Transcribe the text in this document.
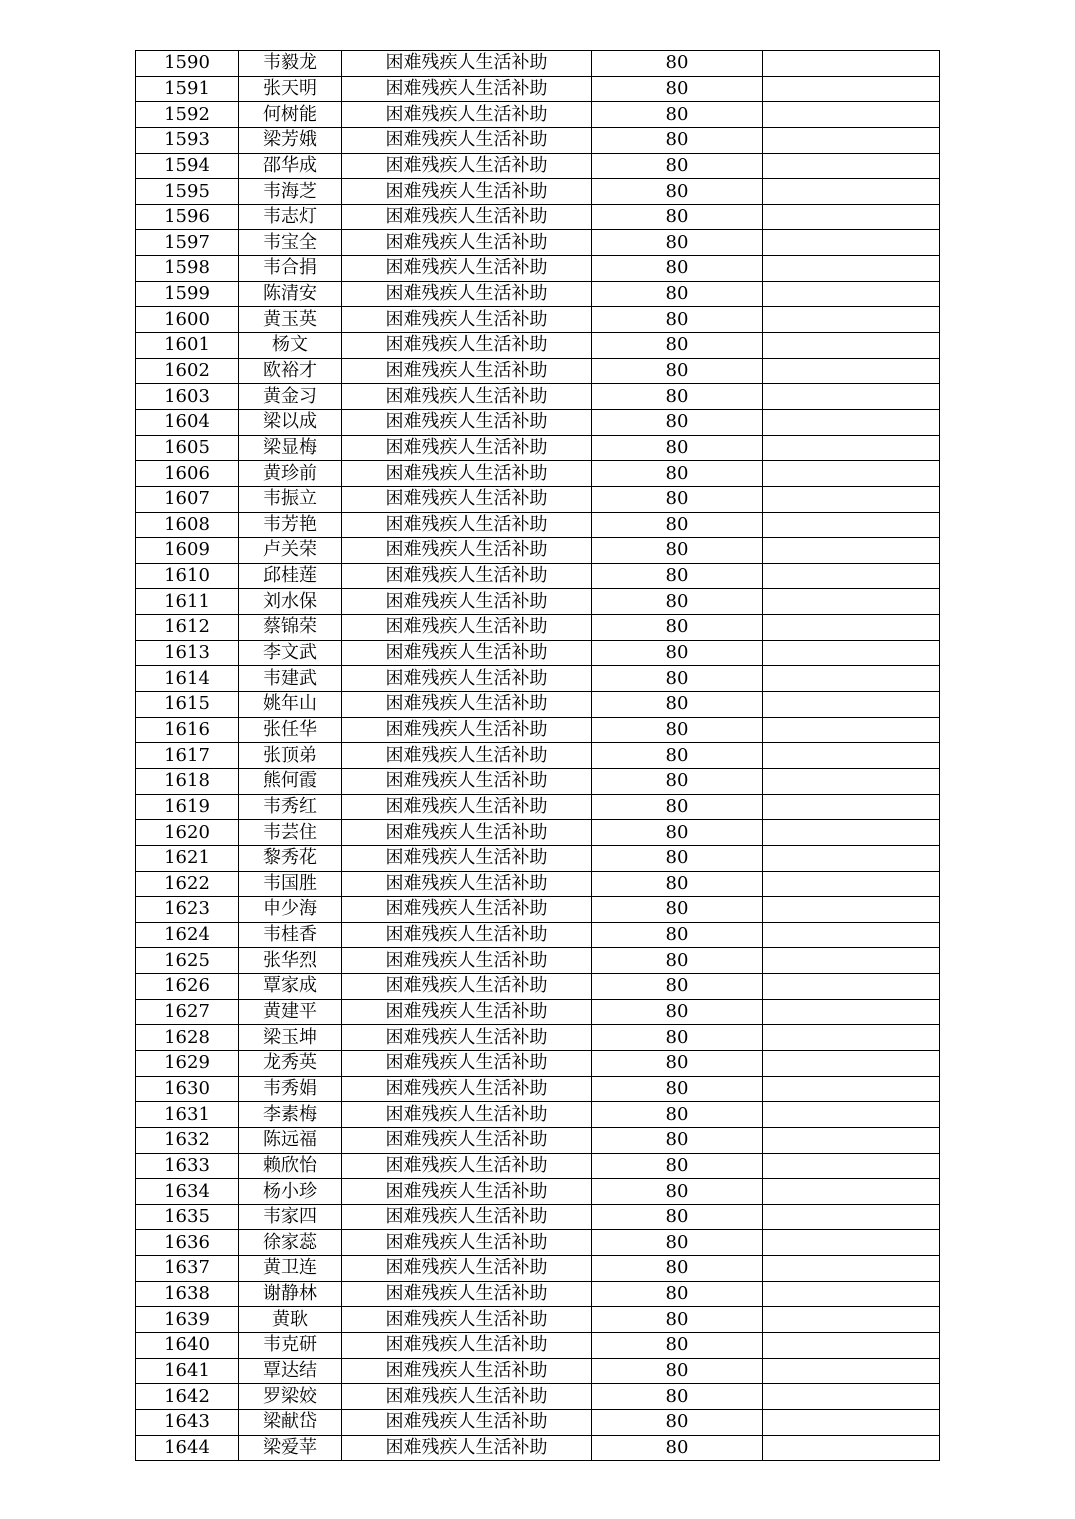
1590	韦毅龙	困难残疾人生活补助	80	
1591	张天明	困难残疾人生活补助	80	
1592	何树能	困难残疾人生活补助	80	
1593	梁芳娥	困难残疾人生活补助	80	
1594	邵华成	困难残疾人生活补助	80	
1595	韦海芝	困难残疾人生活补助	80	
1596	韦志灯	困难残疾人生活补助	80	
1597	韦宝全	困难残疾人生活补助	80	
1598	韦合捐	困难残疾人生活补助	80	
1599	陈清安	困难残疾人生活补助	80	
1600	黄玉英	困难残疾人生活补助	80	
1601	杨文	困难残疾人生活补助	80	
1602	欧裕才	困难残疾人生活补助	80	
1603	黄金习	困难残疾人生活补助	80	
1604	梁以成	困难残疾人生活补助	80	
1605	梁显梅	困难残疾人生活补助	80	
1606	黄珍前	困难残疾人生活补助	80	
1607	韦振立	困难残疾人生活补助	80	
1608	韦芳艳	困难残疾人生活补助	80	
1609	卢关荣	困难残疾人生活补助	80	
1610	邱桂莲	困难残疾人生活补助	80	
1611	刘水保	困难残疾人生活补助	80	
1612	蔡锦荣	困难残疾人生活补助	80	
1613	李文武	困难残疾人生活补助	80	
1614	韦建武	困难残疾人生活补助	80	
1615	姚年山	困难残疾人生活补助	80	
1616	张任华	困难残疾人生活补助	80	
1617	张顶弟	困难残疾人生活补助	80	
1618	熊何霞	困难残疾人生活补助	80	
1619	韦秀红	困难残疾人生活补助	80	
1620	韦芸住	困难残疾人生活补助	80	
1621	黎秀花	困难残疾人生活补助	80	
1622	韦国胜	困难残疾人生活补助	80	
1623	申少海	困难残疾人生活补助	80	
1624	韦桂香	困难残疾人生活补助	80	
1625	张华烈	困难残疾人生活补助	80	
1626	覃家成	困难残疾人生活补助	80	
1627	黄建平	困难残疾人生活补助	80	
1628	梁玉坤	困难残疾人生活补助	80	
1629	龙秀英	困难残疾人生活补助	80	
1630	韦秀娟	困难残疾人生活补助	80	
1631	李素梅	困难残疾人生活补助	80	
1632	陈远福	困难残疾人生活补助	80	
1633	赖欣怡	困难残疾人生活补助	80	
1634	杨小珍	困难残疾人生活补助	80	
1635	韦家四	困难残疾人生活补助	80	
1636	徐家蕊	困难残疾人生活补助	80	
1637	黄卫连	困难残疾人生活补助	80	
1638	谢静林	困难残疾人生活补助	80	
1639	黄耿	困难残疾人生活补助	80	
1640	韦克研	困难残疾人生活补助	80	
1641	覃达结	困难残疾人生活补助	80	
1642	罗梁姣	困难残疾人生活补助	80	
1643	梁献岱	困难残疾人生活补助	80	
1644	梁爱苹	困难残疾人生活补助	80	
